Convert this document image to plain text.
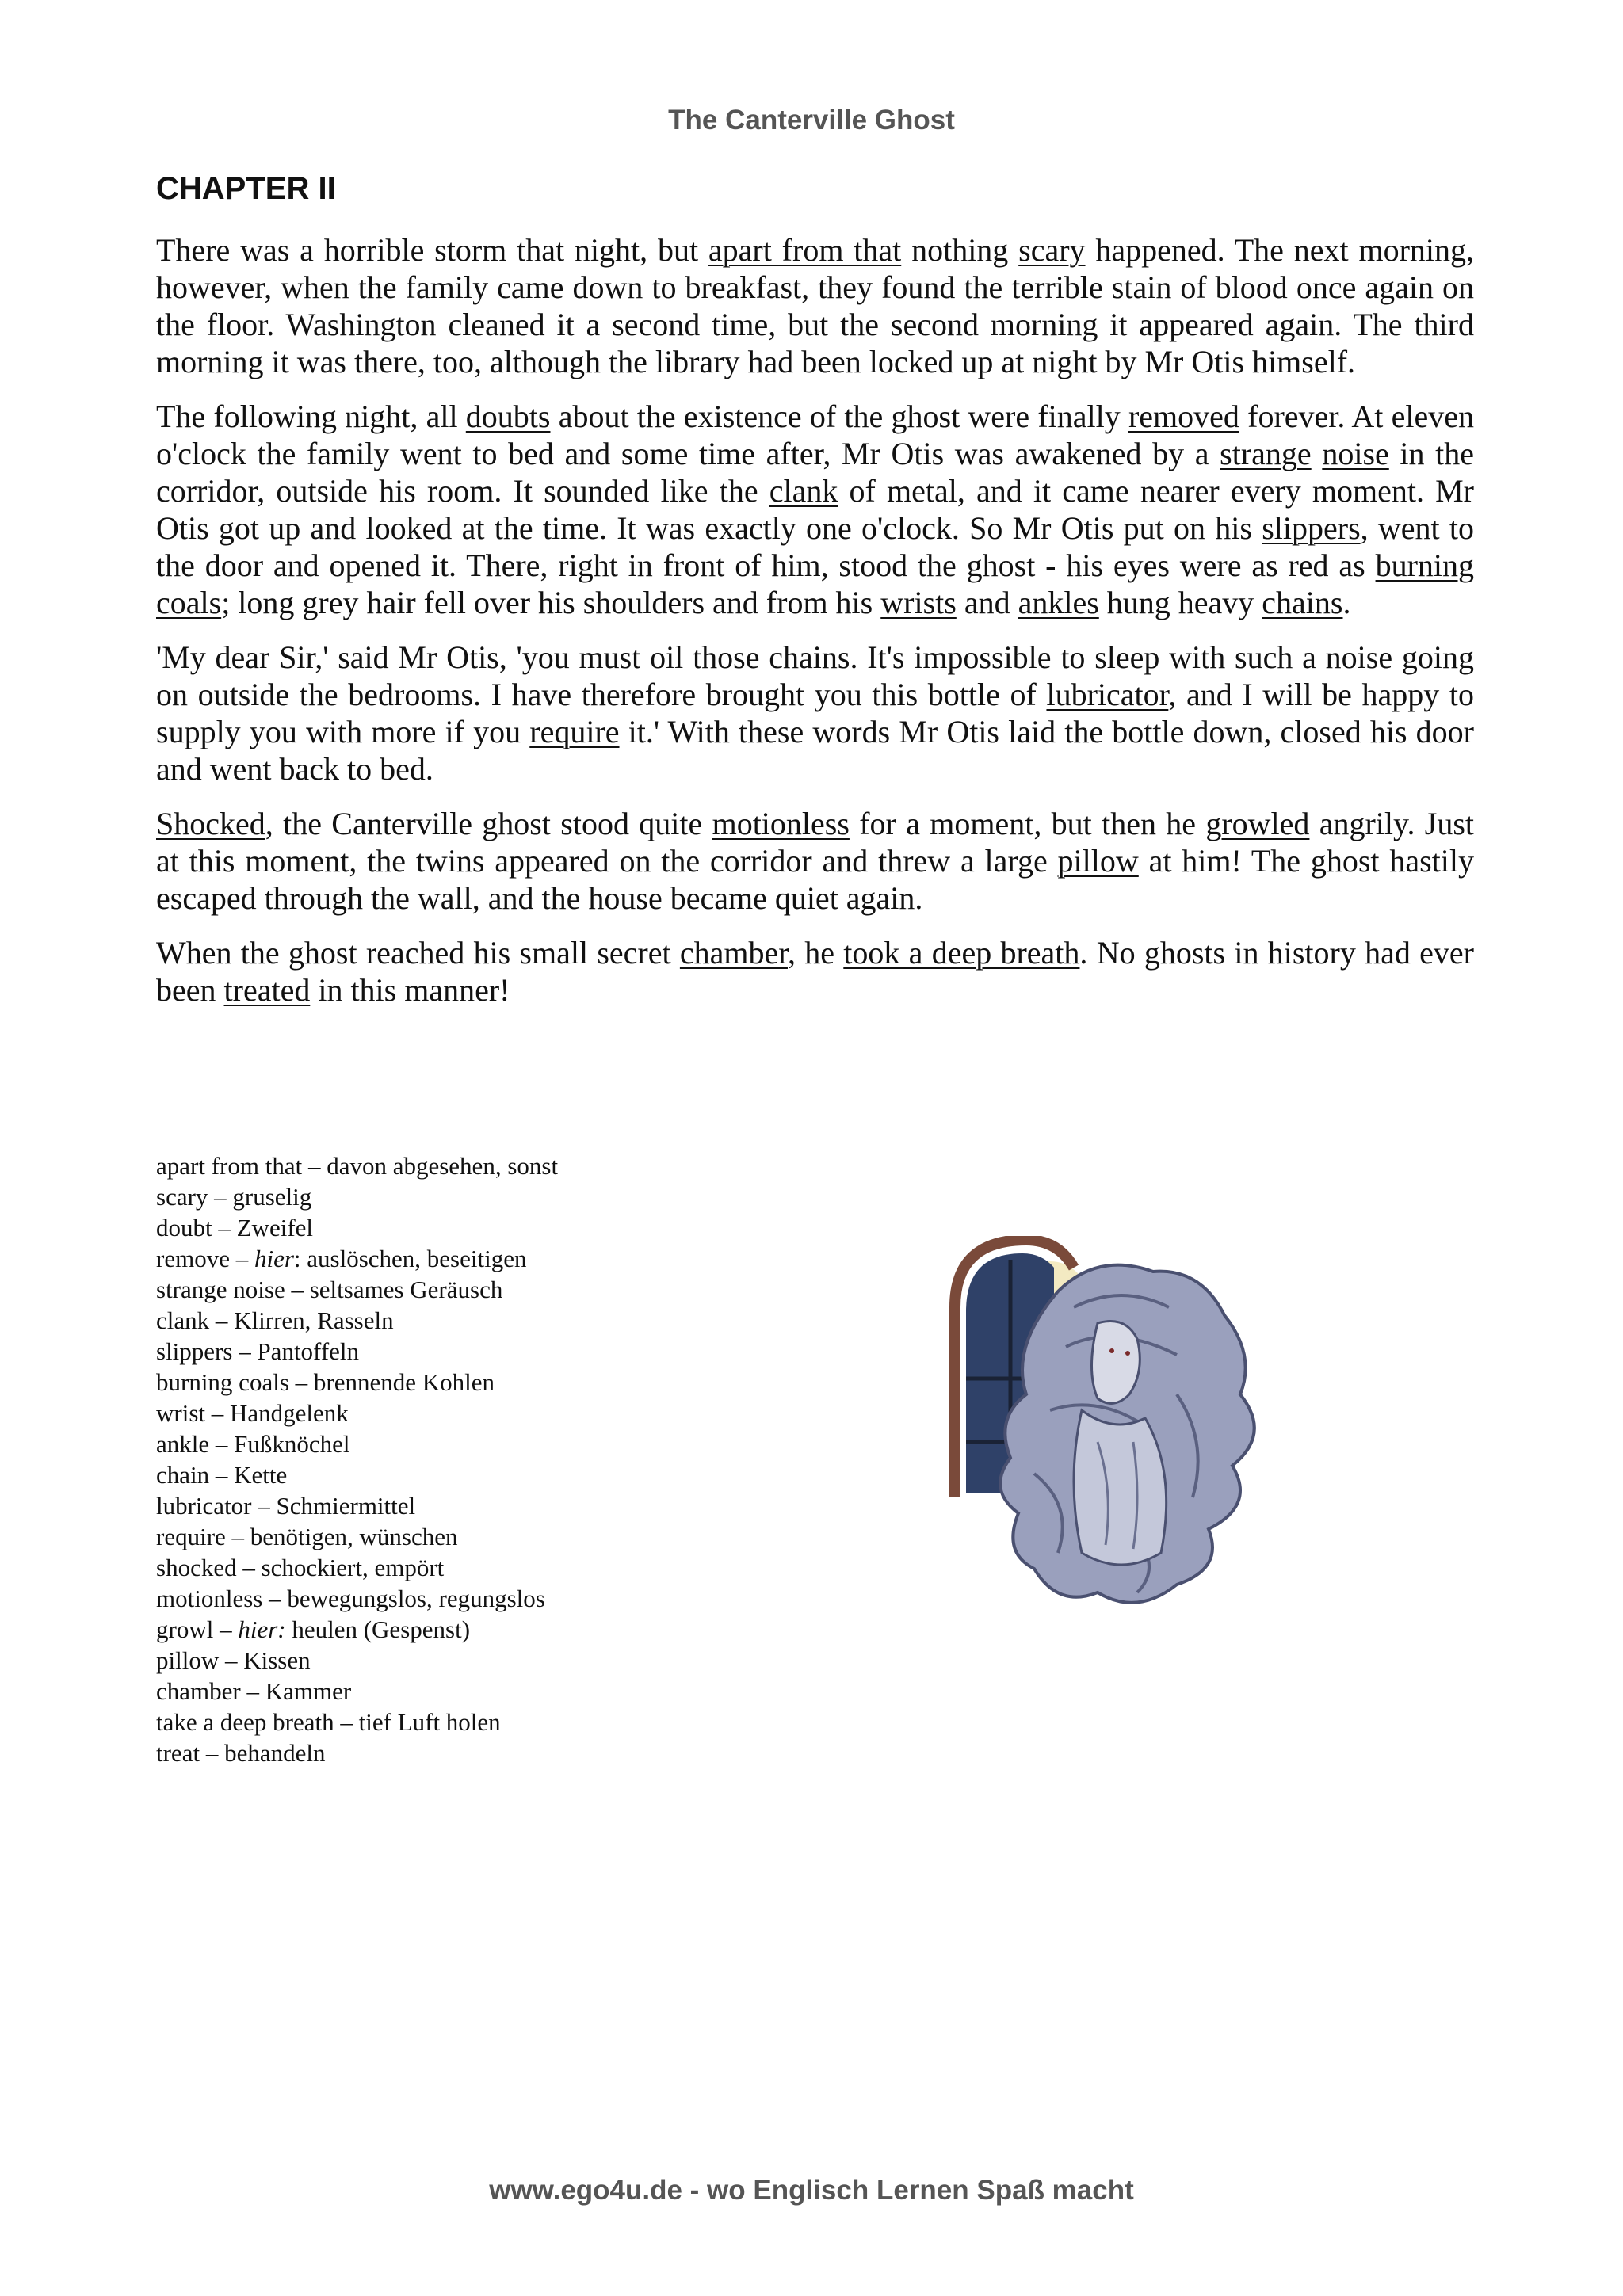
The Canterville Ghost
CHAPTER II

There was a horrible storm that night, but apart from that nothing scary happened. The next morning, however, when the family came down to breakfast, they found the terrible stain of blood once again on the floor. Washington cleaned it a second time, but the second morning it appeared again. The third morning it was there, too, although the library had been locked up at night by Mr Otis himself.

The following night, all doubts about the existence of the ghost were finally removed forever. At eleven o'clock the family went to bed and some time after, Mr Otis was awakened by a strange noise in the corridor, outside his room. It sounded like the clank of metal, and it came nearer every moment. Mr Otis got up and looked at the time. It was exactly one o'clock. So Mr Otis put on his slippers, went to the door and opened it. There, right in front of him, stood the ghost - his eyes were as red as burning coals; long grey hair fell over his shoulders and from his wrists and ankles hung heavy chains.

'My dear Sir,' said Mr Otis, 'you must oil those chains. It's impossible to sleep with such a noise going on outside the bedrooms. I have therefore brought you this bottle of lubricator, and I will be happy to supply you with more if you require it.' With these words Mr Otis laid the bottle down, closed his door and went back to bed.

Shocked, the Canterville ghost stood quite motionless for a moment, but then he growled angrily. Just at this moment, the twins appeared on the corridor and threw a large pillow at him! The ghost hastily escaped through the wall, and the house became quiet again.

When the ghost reached his small secret chamber, he took a deep breath. No ghosts in history had ever been treated in this manner!

apart from that – davon abgesehen, sonst
scary – gruselig
doubt – Zweifel
remove – hier: auslöschen, beseitigen
strange noise – seltsames Geräusch
clank – Klirren, Rasseln
slippers – Pantoffeln
burning coals – brennende Kohlen
wrist – Handgelenk
ankle – Fußknöchel
chain – Kette
lubricator – Schmiermittel
require – benötigen, wünschen
shocked – schockiert, empört
motionless – bewegungslos, regungslos
growl – hier: heulen (Gespenst)
pillow – Kissen
chamber – Kammer
take a deep breath – tief Luft holen
treat – behandeln
www.ego4u.de - wo Englisch Lernen Spaß macht
